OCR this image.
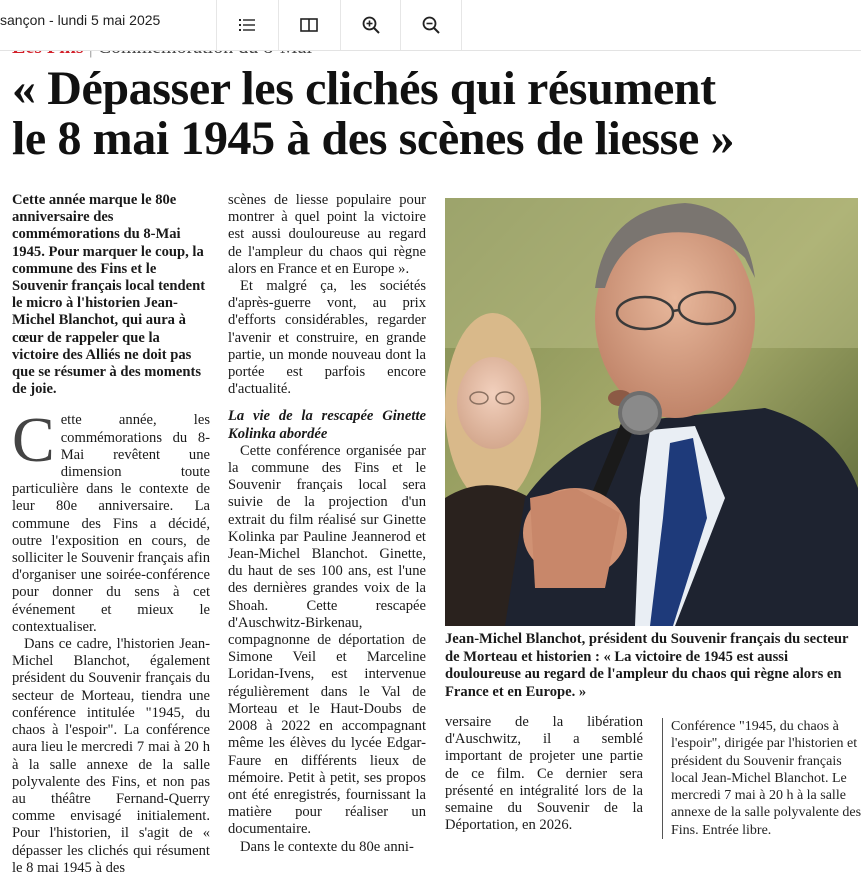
sançon - lundi 5 mai 2025
« Dépasser les clichés qui résument
le 8 mai 1945 à des scènes de liesse »

Cette année marque le 80e anniversaire des commémorations du 8-Mai 1945. Pour marquer le coup, la commune des Fins et le Souvenir français local tendent le micro à l'historien Jean-Michel Blanchot, qui aura à cœur de rappeler que la victoire des Alliés ne doit pas que se résumer à des moments de joie.

Cette année, les commémorations du 8-Mai revêtent une dimension toute particulière dans le contexte de leur 80e anniversaire. La commune des Fins a décidé, outre l'exposition en cours, de solliciter le Souvenir français afin d'organiser une soirée-conférence pour donner du sens à cet événement et mieux le contextualiser.

Dans ce cadre, l'historien Jean-Michel Blanchot, également président du Souvenir français du secteur de Morteau, tiendra une conférence intitulée "1945, du chaos à l'espoir". La conférence aura lieu le mercredi 7 mai à 20 h à la salle annexe de la salle polyvalente des Fins, et non pas au théâtre Fernand-Querry comme envisagé initialement. Pour l'historien, il s'agit de « dépasser les clichés qui résument le 8 mai 1945 à des

scènes de liesse populaire pour montrer à quel point la victoire est aussi douloureuse au regard de l'ampleur du chaos qui règne alors en France et en Europe ».

Et malgré ça, les sociétés d'après-guerre vont, au prix d'efforts considérables, regarder l'avenir et construire, en grande partie, un monde nouveau dont la portée est parfois encore d'actualité.

La vie de la rescapée Ginette Kolinka abordée

Cette conférence organisée par la commune des Fins et le Souvenir français local sera suivie de la projection d'un extrait du film réalisé sur Ginette Kolinka par Pauline Jeannerod et Jean-Michel Blanchot. Ginette, du haut de ses 100 ans, est l'une des dernières grandes voix de la Shoah. Cette rescapée d'Auschwitz-Birkenau, compagnonne de déportation de Simone Veil et Marceline Loridan-Ivens, est intervenue régulièrement dans le Val de Morteau et le Haut-Doubs de 2008 à 2022 en accompagnant même les élèves du lycée Edgar-Faure en différents lieux de mémoire. Petit à petit, ses propos ont été enregistrés, fournissant la matière pour réaliser un documentaire.

Dans le contexte du 80e anni-

Jean-Michel Blanchot, président du Souvenir français du secteur de Morteau et historien : « La victoire de 1945 est aussi douloureuse au regard de l'ampleur du chaos qui règne alors en France et en Europe. »

versaire de la libération d'Auschwitz, il a semblé important de projeter une partie de ce film. Ce dernier sera présenté en intégralité lors de la semaine du Souvenir de la Déportation, en 2026.

Conférence "1945, du chaos à l'espoir", dirigée par l'historien et président du Souvenir français local Jean-Michel Blanchot. Le mercredi 7 mai à 20 h à la salle annexe de la salle polyvalente des Fins. Entrée libre.
